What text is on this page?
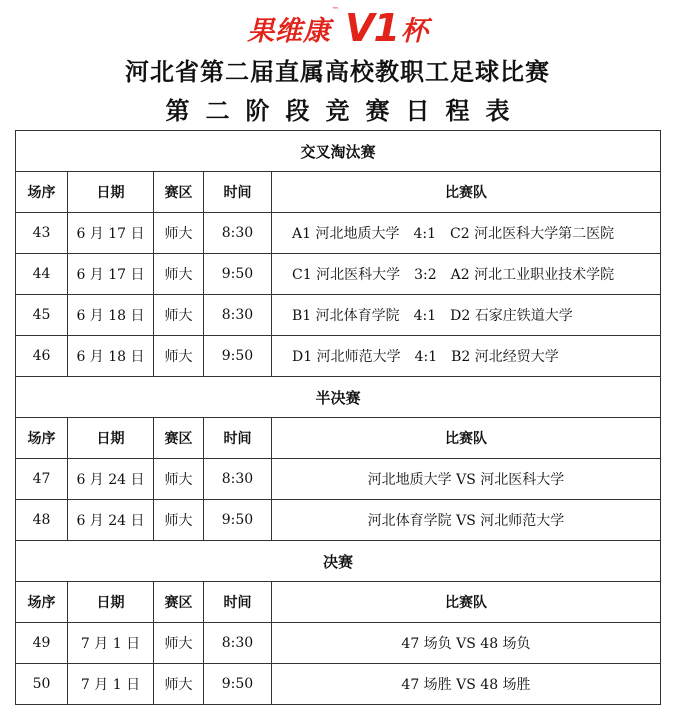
果维康™ V1杯
河北省第二届直属高校教职工足球比赛
第二阶段竞赛日程表
交叉淘汰赛				
场序	日期	赛区	时间	比赛队
43	6 月 17 日	师大	8:30	A1 河北地质大学　4:1　C2 河北医科大学第二医院
44	6 月 17 日	师大	9:50	C1 河北医科大学　3:2　A2 河北工业职业技术学院
45	6 月 18 日	师大	8:30	B1 河北体育学院　4:1　D2 石家庄铁道大学
46	6 月 18 日	师大	9:50	D1 河北师范大学　4:1　B2 河北经贸大学
半决赛				
场序	日期	赛区	时间	比赛队
47	6 月 24 日	师大	8:30	河北地质大学 VS 河北医科大学
48	6 月 24 日	师大	9:50	河北体育学院 VS 河北师范大学
决赛				
场序	日期	赛区	时间	比赛队
49	7 月 1 日	师大	8:30	47 场负 VS 48 场负
50	7 月 1 日	师大	9:50	47 场胜 VS 48 场胜
